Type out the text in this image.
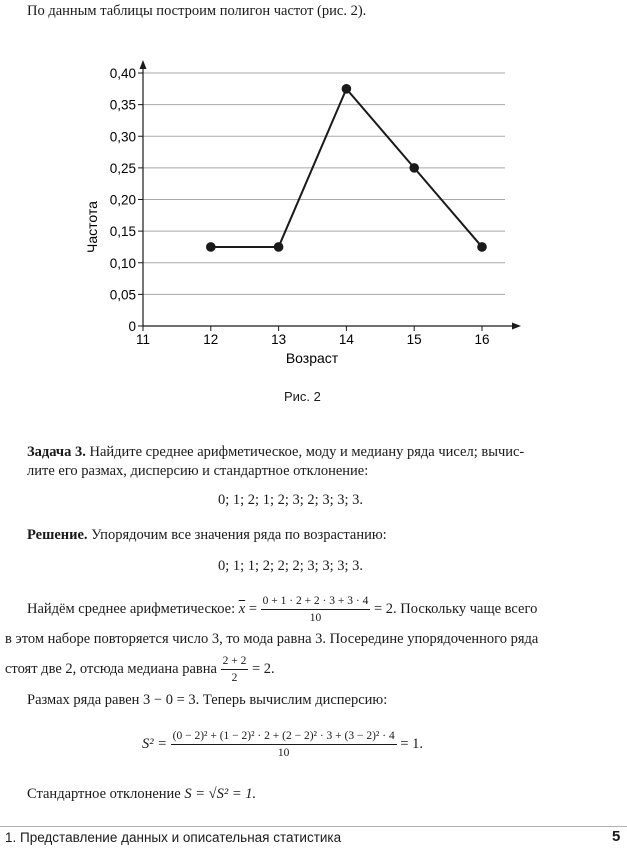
По данным таблицы построим полигон частот (рис. 2).
0
0,05
0,10
0,15
0,20
0,25
0,30
0,35
0,40
11	12	13	14	15	16
Частота
Возраст
Рис. 2
Задача 3. Найдите среднее арифметическое, моду и медиану ряда чисел; вычис-
лите его размах, дисперсию и стандартное отклонение:
0; 1; 2; 1; 2; 3; 2; 3; 3; 3.
Решение. Упорядочим все значения ряда по возрастанию:
0; 1; 1; 2; 2; 2; 3; 3; 3; 3.
Найдём среднее арифметическое: $\overline{x} = \frac{0 + 1 \cdot 2 + 2 \cdot 3 + 3 \cdot 4}{10} = 2$. Поскольку чаще всего
в этом наборе повторяется число 3, то мода равна 3. Посередине упорядоченного ряда
стоят две 2, отсюда медиана равна $\frac{2 + 2}{2} = 2$.
Размах ряда равен 3 − 0 = 3. Теперь вычислим дисперсию:
$S^2 = \frac{\text{(0 − 2)² + (1 − 2)² · 2 + (2 − 2)² · 3 + (3 − 2)² · 4}}{10} = 1$.
Стандартное отклонение S = √S² = 1.
1. Представление данных и описательная статистика	5
